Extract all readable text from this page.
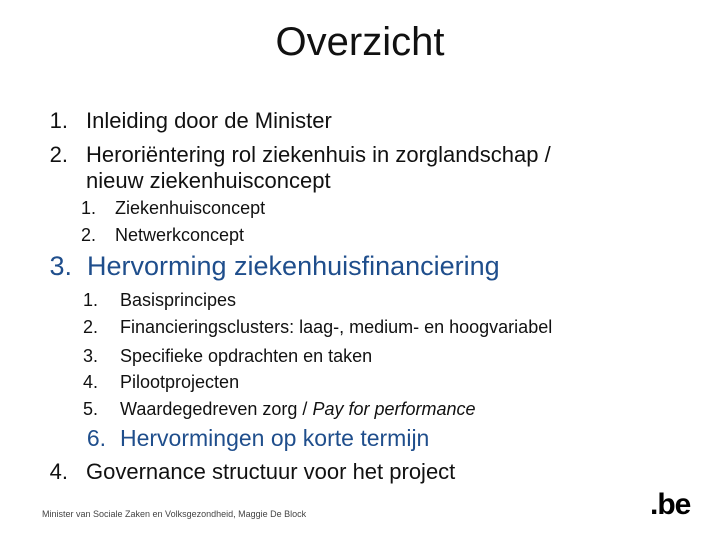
Overzicht
1. Inleiding door de Minister
2. Heroriëntering rol ziekenhuis in zorglandschap /
nieuw ziekenhuisconcept
1. Ziekenhuisconcept
2. Netwerkconcept
3. Hervorming ziekenhuisfinanciering
1. Basisprincipes
2. Financieringsclusters: laag-, medium- en hoogvariabel
3. Specifieke opdrachten en taken
4. Pilootprojecten
5. Waardegedreven zorg / Pay for performance
6. Hervormingen op korte termijn
4. Governance structuur voor het project
Minister van Sociale Zaken en Volksgezondheid, Maggie De Block	.be
